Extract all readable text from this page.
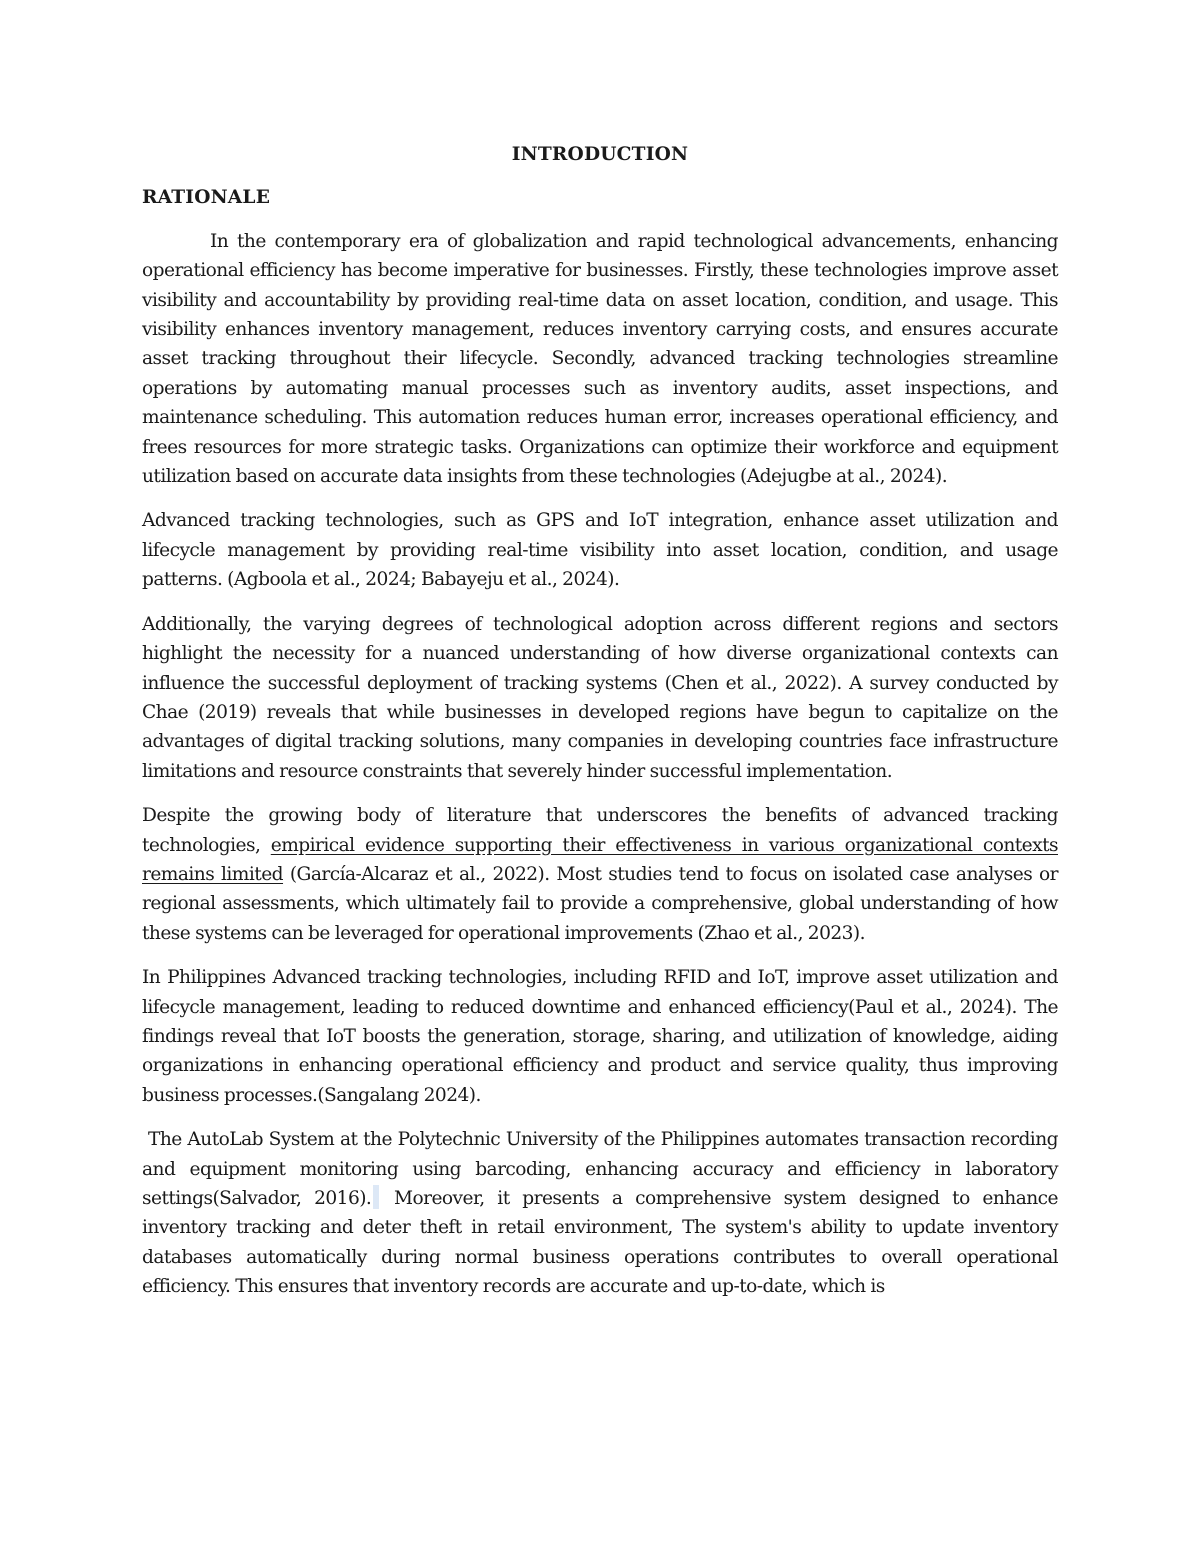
INTRODUCTION
RATIONALE

In the contemporary era of globalization and rapid technological advancements, enhancing operational efficiency has become imperative for businesses. Firstly, these technologies improve asset visibility and accountability by providing real-time data on asset location, condition, and usage. This visibility enhances inventory management, reduces inventory carrying costs, and ensures accurate asset tracking throughout their lifecycle. Secondly, advanced tracking technologies streamline operations by automating manual processes such as inventory audits, asset inspections, and maintenance scheduling. This automation reduces human error, increases operational efficiency, and frees resources for more strategic tasks. Organizations can optimize their workforce and equipment utilization based on accurate data insights from these technologies (Adejugbe at al., 2024).

Advanced tracking technologies, such as GPS and IoT integration, enhance asset utilization and lifecycle management by providing real-time visibility into asset location, condition, and usage patterns. (Agboola et al., 2024; Babayeju et al., 2024).

Additionally, the varying degrees of technological adoption across different regions and sectors highlight the necessity for a nuanced understanding of how diverse organizational contexts can influence the successful deployment of tracking systems (Chen et al., 2022). A survey conducted by Chae (2019) reveals that while businesses in developed regions have begun to capitalize on the advantages of digital tracking solutions, many companies in developing countries face infrastructure limitations and resource constraints that severely hinder successful implementation.

Despite the growing body of literature that underscores the benefits of advanced tracking technologies, empirical evidence supporting their effectiveness in various organizational contexts remains limited (García-Alcaraz et al., 2022). Most studies tend to focus on isolated case analyses or regional assessments, which ultimately fail to provide a comprehensive, global understanding of how these systems can be leveraged for operational improvements (Zhao et al., 2023).

In Philippines Advanced tracking technologies, including RFID and IoT, improve asset utilization and lifecycle management, leading to reduced downtime and enhanced efficiency(Paul et al., 2024). The findings reveal that IoT boosts the generation, storage, sharing, and utilization of knowledge, aiding organizations in enhancing operational efficiency and product and service quality, thus improving business processes.(Sangalang 2024).

The AutoLab System at the Polytechnic University of the Philippines automates transaction recording and equipment monitoring using barcoding, enhancing accuracy and efficiency in laboratory settings(Salvador, 2016). Moreover, it presents a comprehensive system designed to enhance inventory tracking and deter theft in retail environment, The system's ability to update inventory databases automatically during normal business operations contributes to overall operational efficiency. This ensures that inventory records are accurate and up-to-date, which is
